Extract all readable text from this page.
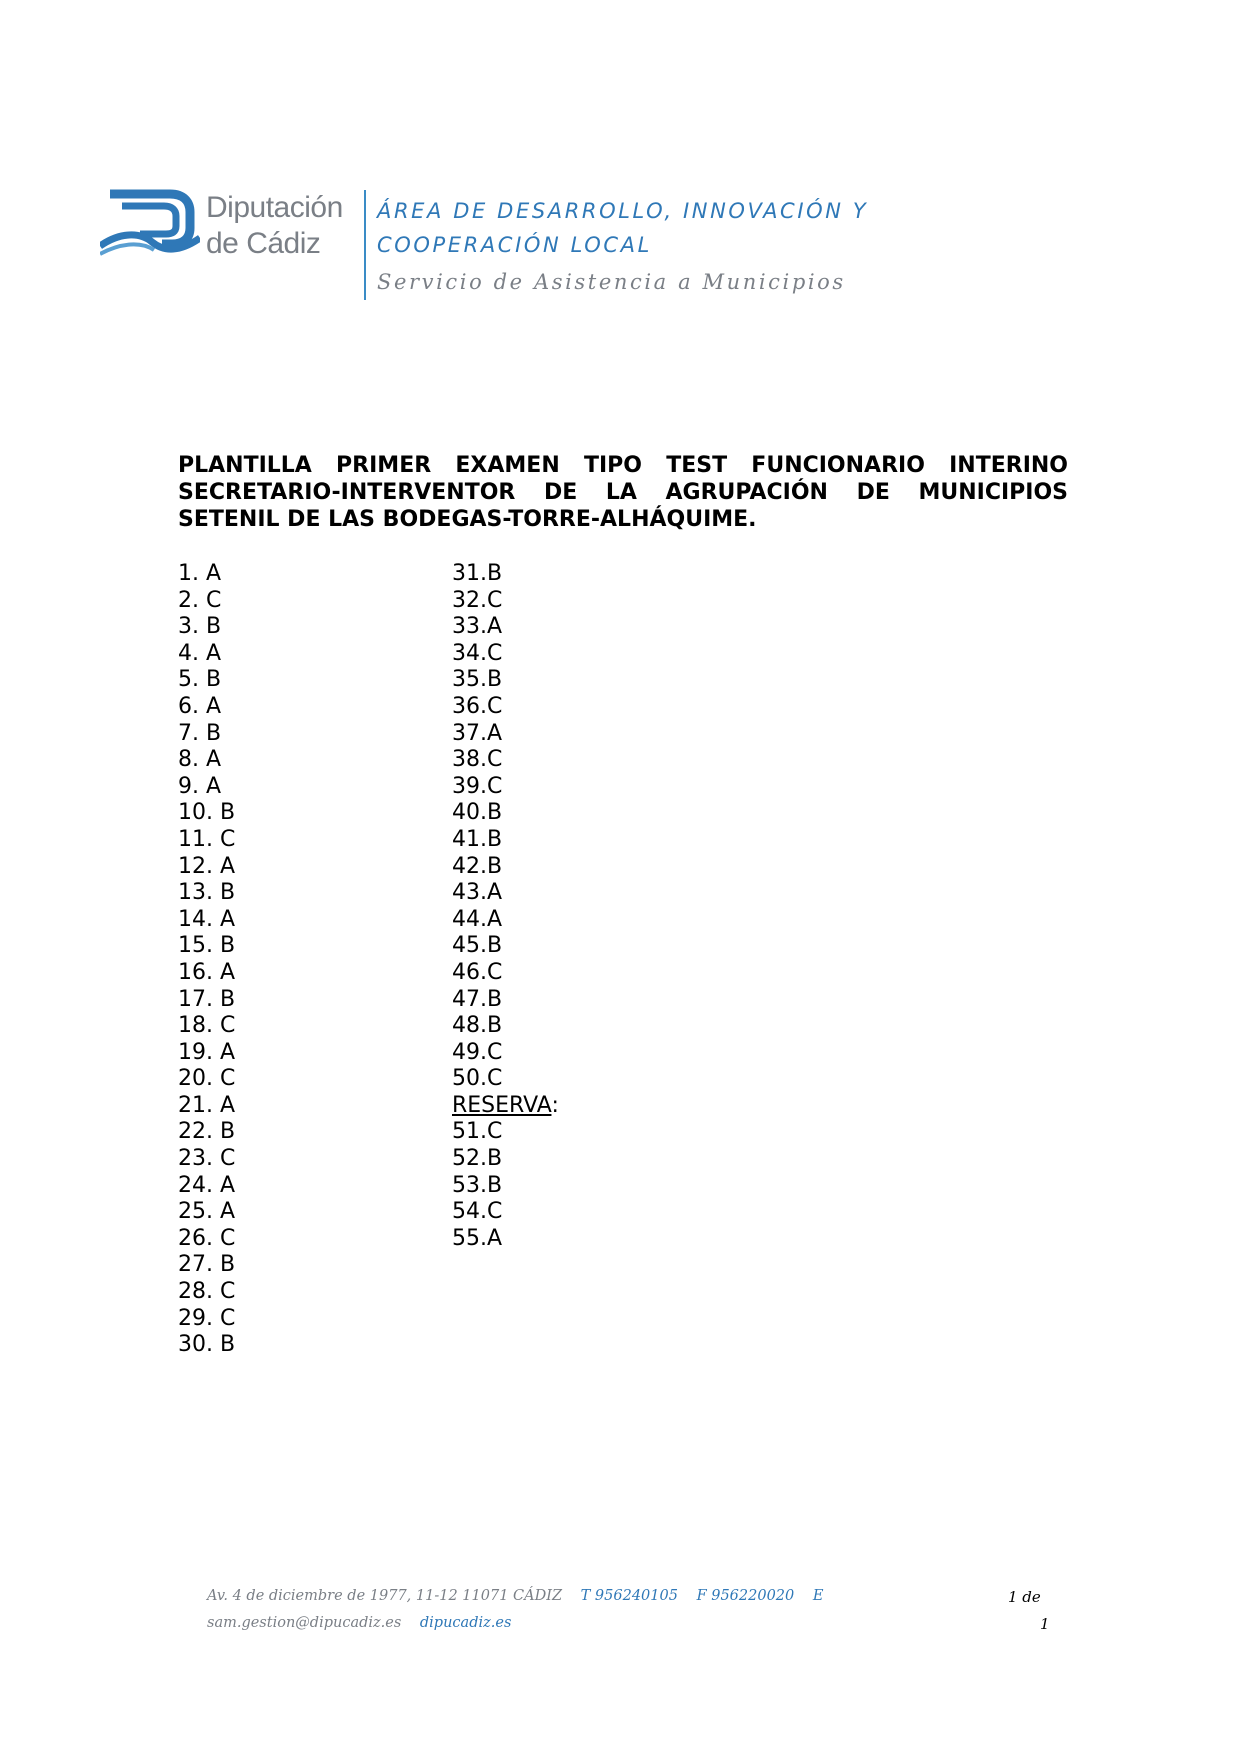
Diputación
de Cádiz
ÁREA DE DESARROLLO, INNOVACIÓN Y
COOPERACIÓN LOCAL
Servicio de Asistencia a Municipios
PLANTILLA PRIMER EXAMEN TIPO TEST FUNCIONARIO INTERINO SECRETARIO-INTERVENTOR DE LA AGRUPACIÓN DE MUNICIPIOS SETENIL DE LAS BODEGAS-TORRE-ALHÁQUIME.
1. A
2. C
3. B
4. A
5. B
6. A
7. B
8. A
9. A
10. B
11. C
12. A
13. B
14. A
15. B
16. A
17. B
18. C
19. A
20. C
21. A
22. B
23. C
24. A
25. A
26. C
27. B
28. C
29. C
30. B
31.B
32.C
33.A
34.C
35.B
36.C
37.A
38.C
39.C
40.B
41.B
42.B
43.A
44.A
45.B
46.C
47.B
48.B
49.C
50.C
RESERVA:
51.C
52.B
53.B
54.C
55.A
Av. 4 de diciembre de 1977, 11-12 11071 CÁDIZ T 956240105 F 956220020 E
sam.gestion@dipucadiz.es dipucadiz.es
1 de
1
